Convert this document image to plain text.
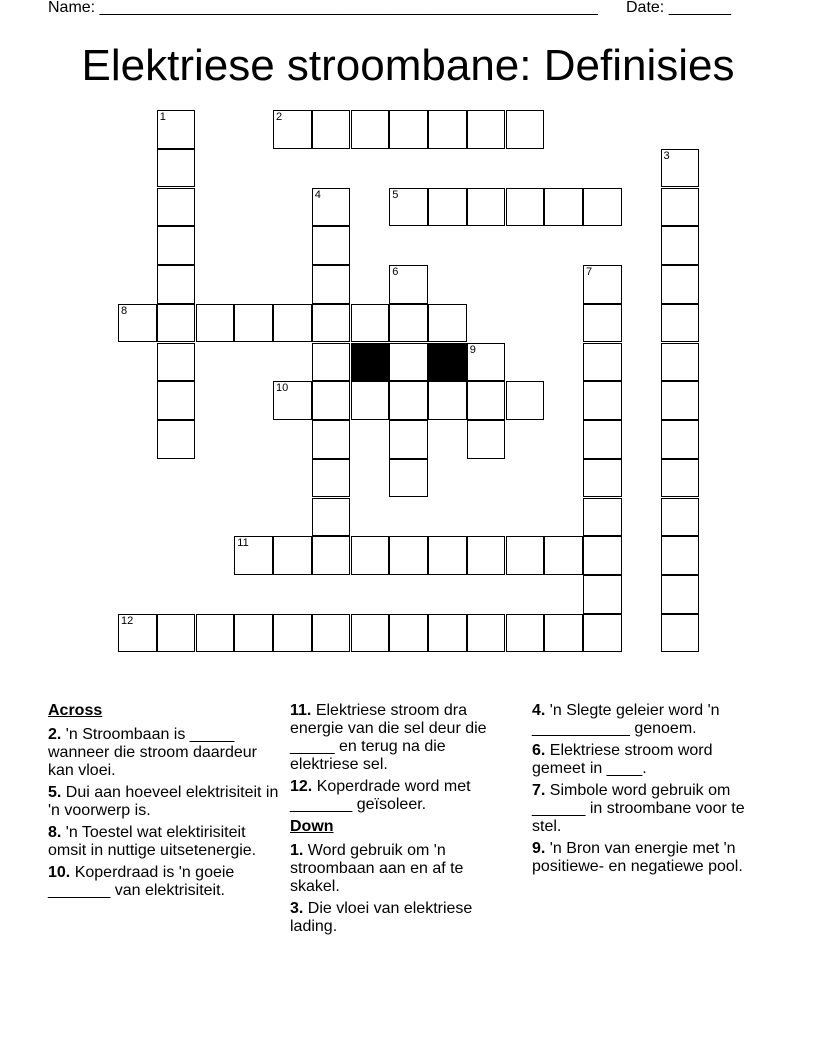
Name: ________________________________________________________ Date: _______
Elektriese stroombane: Definisies
1	2
3
4	5
6	7
8
9
10
11
12
Across
2. 'n Stroombaan is _____ wanneer die stroom daardeur kan vloei.
5. Dui aan hoeveel elektrisiteit in 'n voorwerp is.
8. 'n Toestel wat elektirisiteit omsit in nuttige uitsetenergie.
10. Koperdraad is 'n goeie _______ van elektrisiteit.
11. Elektriese stroom dra energie van die sel deur die _____ en terug na die elektriese sel.
12. Koperdrade word met _______ geïsoleer.
Down
1. Word gebruik om 'n stroombaan aan en af te skakel.
3. Die vloei van elektriese lading.
4. 'n Slegte geleier word 'n ___________ genoem.
6. Elektriese stroom word gemeet in ____.
7. Simbole word gebruik om ______ in stroombane voor te stel.
9. 'n Bron van energie met 'n positiewe- en negatiewe pool.
